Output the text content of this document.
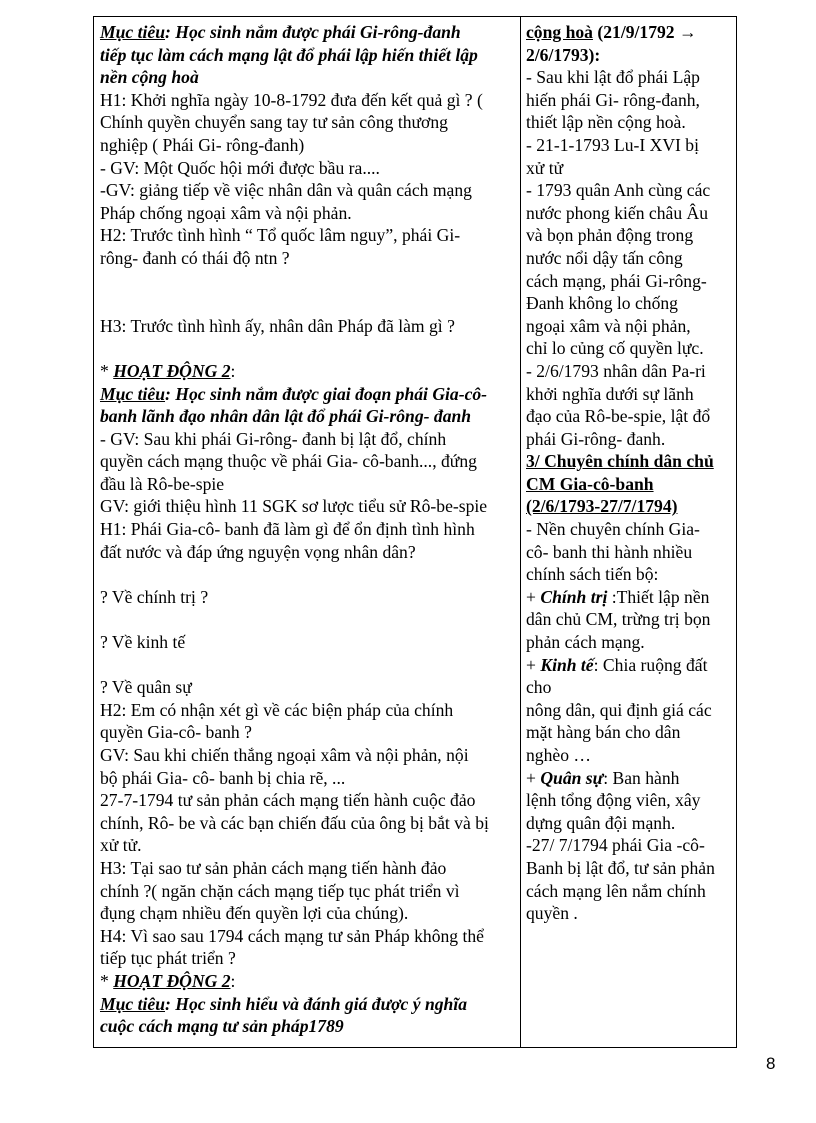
Mục tiêu: Học sinh nắm được phái Gi-rông-đanh
tiếp tục làm cách mạng lật đổ phái lập hiến thiết lập
nền cộng hoà
H1: Khởi nghĩa ngày 10-8-1792 đưa đến kết quả gì ? (
Chính quyền chuyển sang tay tư sản công thương
nghiệp ( Phái Gi- rông-đanh)
- GV: Một Quốc hội mới được bầu ra....
-GV: giảng tiếp về việc nhân dân và quân cách mạng
Pháp chống ngoại xâm và nội phản.
H2: Trước tình hình “ Tổ quốc lâm nguy”, phái Gi-
rông- đanh có thái độ ntn ?
H3: Trước tình hình ấy, nhân dân Pháp đã làm gì ?
* HOẠT ĐỘNG 2:
Mục tiêu: Học sinh nắm được giai đoạn phái Gia-cô-
banh lãnh đạo nhân dân lật đổ phái Gi-rông- đanh
- GV: Sau khi phái Gi-rông- đanh bị lật đổ, chính
quyền cách mạng thuộc về phái Gia- cô-banh..., đứng
đầu là Rô-be-spie
GV: giới thiệu hình 11 SGK sơ lược tiểu sử Rô-be-spie
H1: Phái Gia-cô- banh đã làm gì để ổn định tình hình
đất nước và đáp ứng nguyện vọng nhân dân?
? Về chính trị ?
? Về kinh tế
? Về quân sự
H2: Em có nhận xét gì về các biện pháp của chính
quyền Gia-cô- banh ?
GV: Sau khi chiến thắng ngoại xâm và nội phản, nội
bộ phái Gia- cô- banh bị chia rẽ, ...
27-7-1794 tư sản phản cách mạng tiến hành cuộc đảo
chính, Rô- be và các bạn chiến đấu của ông bị bắt và bị
xử tử.
H3: Tại sao tư sản phản cách mạng tiến hành đảo
chính ?( ngăn chặn cách mạng tiếp tục phát triển vì
đụng chạm nhiều đến quyền lợi của chúng).
H4: Vì sao sau 1794 cách mạng tư sản Pháp không thể
tiếp tục phát triển ?
* HOẠT ĐỘNG 2:
Mục tiêu: Học sinh hiểu và đánh giá được ý nghĩa
cuộc cách mạng tư sản pháp1789
cộng hoà (21/9/1792 →
2/6/1793):
- Sau khi lật đổ phái Lập
hiến phái Gi- rông-đanh,
thiết lập nền cộng hoà.
- 21-1-1793 Lu-I XVI bị
xử tử
- 1793 quân Anh cùng các
nước phong kiến châu Âu
và bọn phản động trong
nước nổi dậy tấn công
cách mạng, phái Gi-rông-
Đanh không lo chống
ngoại xâm và nội phản,
chỉ lo củng cố quyền lực.
- 2/6/1793 nhân dân Pa-ri
khởi nghĩa dưới sự lãnh
đạo của Rô-be-spie, lật đổ
phái Gi-rông- đanh.
3/ Chuyên chính dân chủ
CM Gia-cô-banh
(2/6/1793-27/7/1794)
- Nền chuyên chính Gia-
cô- banh thi hành nhiều
chính sách tiến bộ:
+ Chính trị :Thiết lập nền
dân chủ CM, trừng trị bọn
phản cách mạng.
+ Kinh tế: Chia ruộng đất
cho
nông dân, qui định giá các
mặt hàng bán cho dân
nghèo …
+ Quân sự: Ban hành
lệnh tổng động viên, xây
dựng quân đội mạnh.
-27/ 7/1794 phái Gia -cô-
Banh bị lật đổ, tư sản phản
cách mạng lên nắm chính
quyền .
8
